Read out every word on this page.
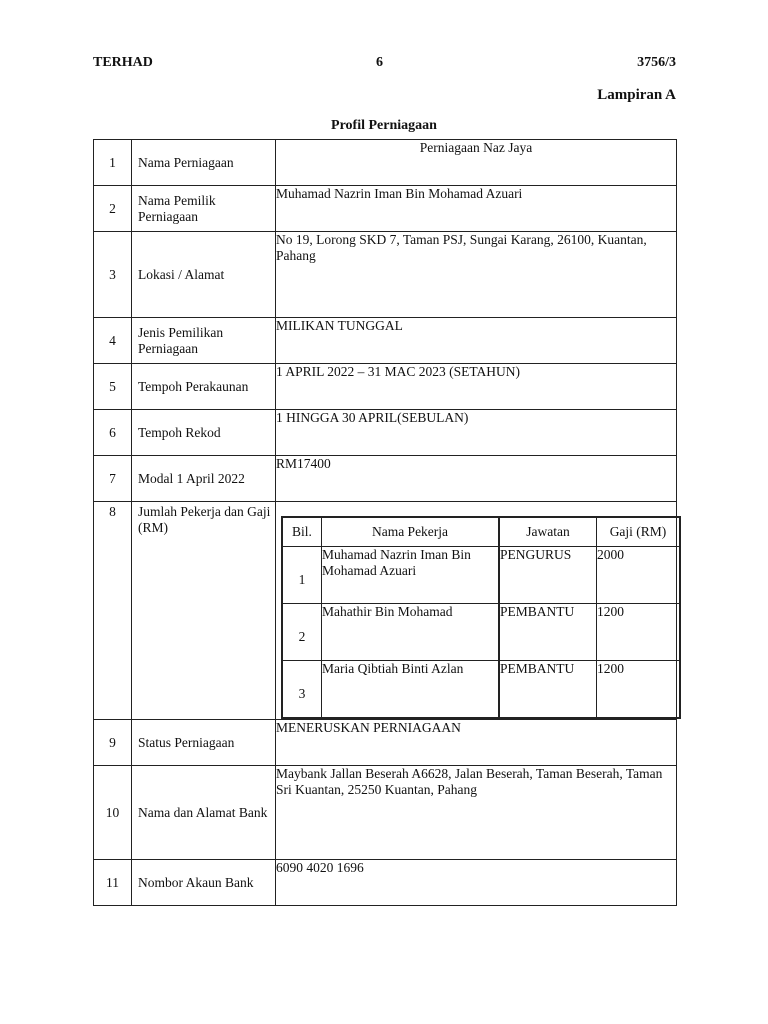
TERHAD	6	3756/3
Lampiran A
Profil Perniagaan
1	Nama Perniagaan	Perniagaan Naz Jaya
2	Nama Pemilik Perniagaan	Muhamad Nazrin Iman Bin Mohamad Azuari
3	Lokasi / Alamat	No 19, Lorong SKD 7, Taman PSJ, Sungai Karang, 26100, Kuantan, Pahang
4	Jenis Pemilikan Perniagaan	MILIKAN TUNGGAL
5	Tempoh Perakaunan	1 APRIL 2022 – 31 MAC 2023 (SETAHUN)
6	Tempoh Rekod	1 HINGGA 30 APRIL(SEBULAN)
7	Modal 1 April 2022	RM17400
8	Jumlah Pekerja dan Gaji (RM)		Bil.	Nama Pekerja	Jawatan	Gaji (RM)
1	Muhamad Nazrin Iman Bin Mohamad Azuari	PENGURUS	2000
2	Mahathir Bin Mohamad	PEMBANTU	1200
3	Maria Qibtiah Binti Azlan	PEMBANTU	1200

9	Status Perniagaan	MENERUSKAN PERNIAGAAN
10	Nama dan Alamat Bank	Maybank Jallan Beserah A6628, Jalan Beserah, Taman Beserah, Taman Sri Kuantan, 25250 Kuantan, Pahang
11	Nombor Akaun Bank	6090 4020 1696
